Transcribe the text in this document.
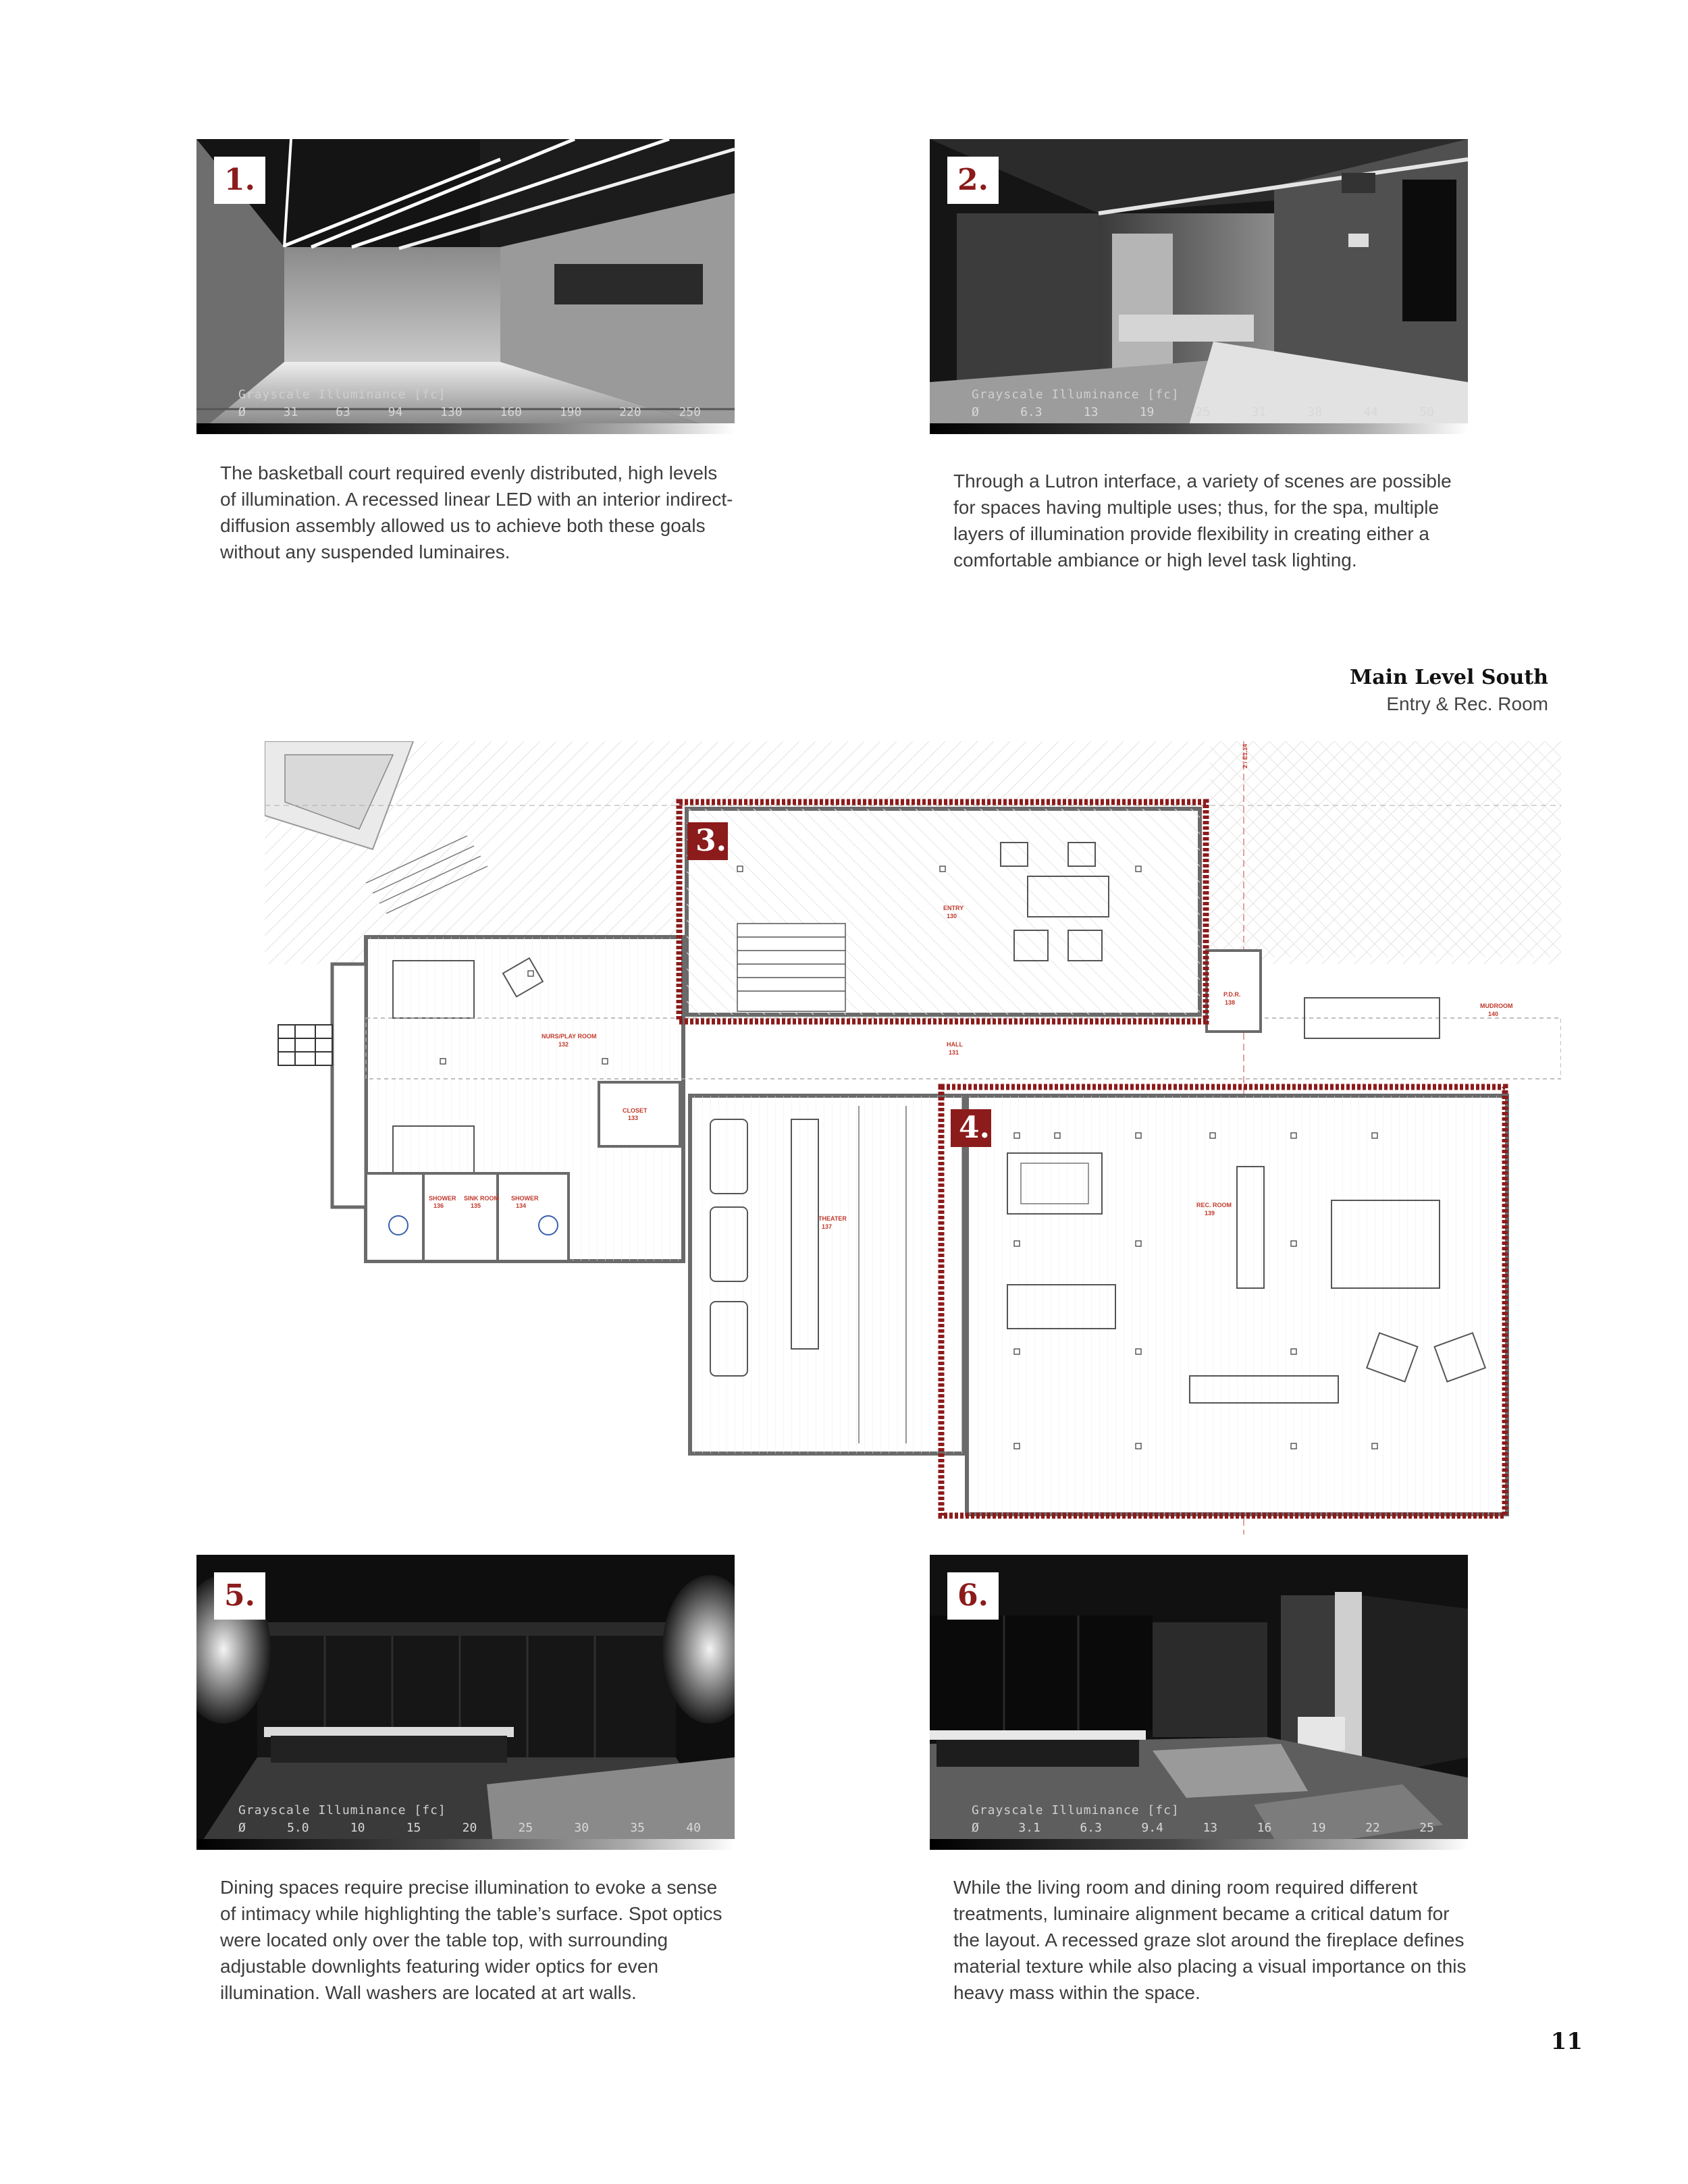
1.
Grayscale Illuminance [fc]
Ø	31	63	94	130	160	190	220	250
2.
Grayscale Illuminance [fc]
Ø	6.3	13	19	25	31	38	44	50
The basketball court required evenly distributed, high levels of illumination. A recessed linear LED with an interior indirect-diffusion assembly allowed us to achieve both these goals without any suspended luminaires.
Through a Lutron interface, a variety of scenes are possible for spaces having multiple uses; thus, for the spa, multiple layers of illumination provide flexibility in creating either a comfortable ambiance or high level task lighting.
Main Level South
Entry & Rec. Room
NURS/PLAY ROOM
132
SHOWER
136
SINK ROOM
135
SHOWER
134
CLOSET
133
ENTRY
130
2 / E1.14
HALL
131
P.D.R.
138	MUDROOM
140
THEATER
137
REC. ROOM
139
3.
4.
5.
Grayscale Illuminance [fc]
Ø	5.0	10	15	20	25	30	35	40
6.
Grayscale Illuminance [fc]
Ø	3.1	6.3	9.4	13	16	19	22	25
Dining spaces require precise illumination to evoke a sense of intimacy while highlighting the table’s surface. Spot optics were located only over the table top, with surrounding adjustable downlights featuring wider optics for even illumination. Wall washers are located at art walls.
While the living room and dining room required different treatments, luminaire alignment became a critical datum for the layout. A recessed graze slot around the fireplace defines material texture while also placing a visual importance on this heavy mass within the space.
11
